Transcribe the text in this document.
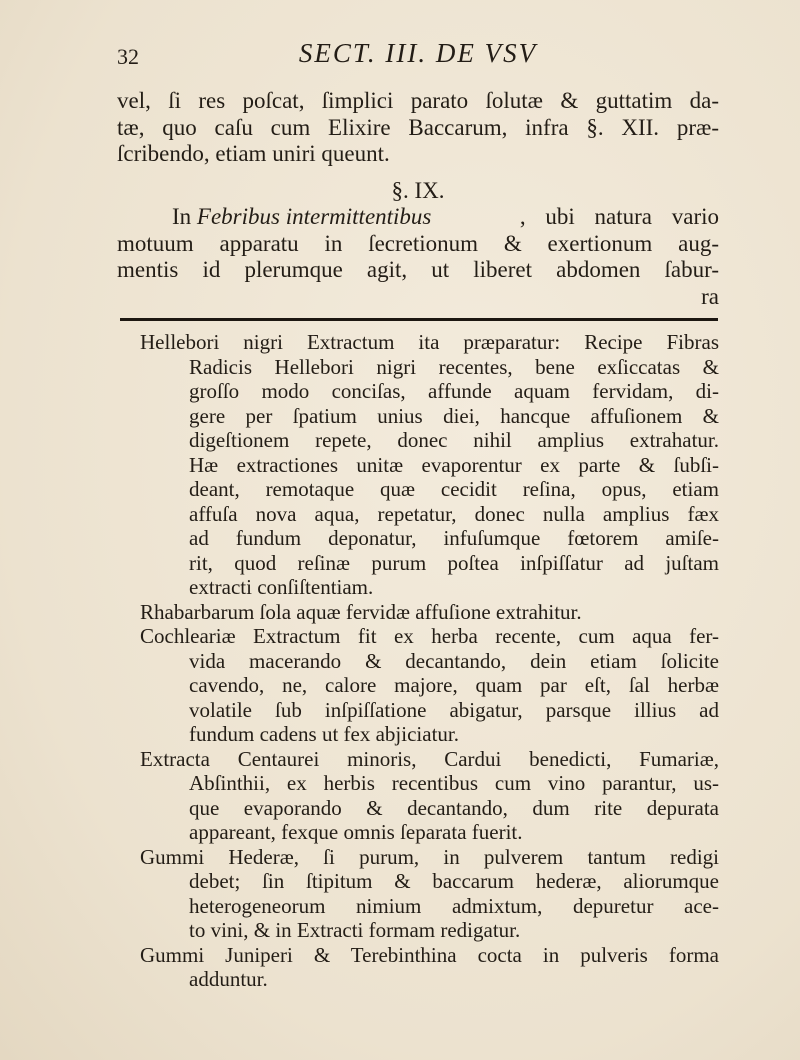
32	SECT. III. DE VSV
vel, ſi res poſcat, ſimplici parato ſolutæ & guttatim da-
tæ, quo caſu cum Elixire Baccarum, infra §. XII. præ-
ſcribendo, etiam uniri queunt.
§. IX.
In Febribus intermittentibus	, ubi natura vario
motuum apparatu in ſecretionum & exertionum aug-
mentis id plerumque agit, ut liberet abdomen ſabur-
ra
Hellebori nigri Extractum ita præparatur: Recipe Fibras
Radicis Hellebori nigri recentes, bene exſiccatas &
groſſo modo conciſas, affunde aquam fervidam, di-
gere per ſpatium unius diei, hancque affuſionem &
digeſtionem repete, donec nihil amplius extrahatur.
Hæ extractiones unitæ evaporentur ex parte & ſubſi-
deant, remotaque quæ cecidit reſina, opus, etiam
affuſa nova aqua, repetatur, donec nulla amplius fæx
ad fundum deponatur, infuſumque fœtorem amiſe-
rit, quod reſinæ purum poſtea inſpiſſatur ad juſtam
extracti conſiſtentiam.
Rhabarbarum ſola aquæ fervidæ affuſione extrahitur.
Cochleariæ Extractum fit ex herba recente, cum aqua fer-
vida macerando & decantando, dein etiam ſolicite
cavendo, ne, calore majore, quam par eſt, ſal herbæ
volatile ſub inſpiſſatione abigatur, parsque illius ad
fundum cadens ut fex abjiciatur.
Extracta Centaurei minoris, Cardui benedicti, Fumariæ,
Abſinthii, ex herbis recentibus cum vino parantur, us-
que evaporando & decantando, dum rite depurata
appareant, fexque omnis ſeparata fuerit.
Gummi Hederæ, ſi purum, in pulverem tantum redigi
debet; ſin ſtipitum & baccarum hederæ, aliorumque
heterogeneorum nimium admixtum, depuretur ace-
to vini, & in Extracti formam redigatur.
Gummi Juniperi & Terebinthina cocta in pulveris forma
adduntur.
